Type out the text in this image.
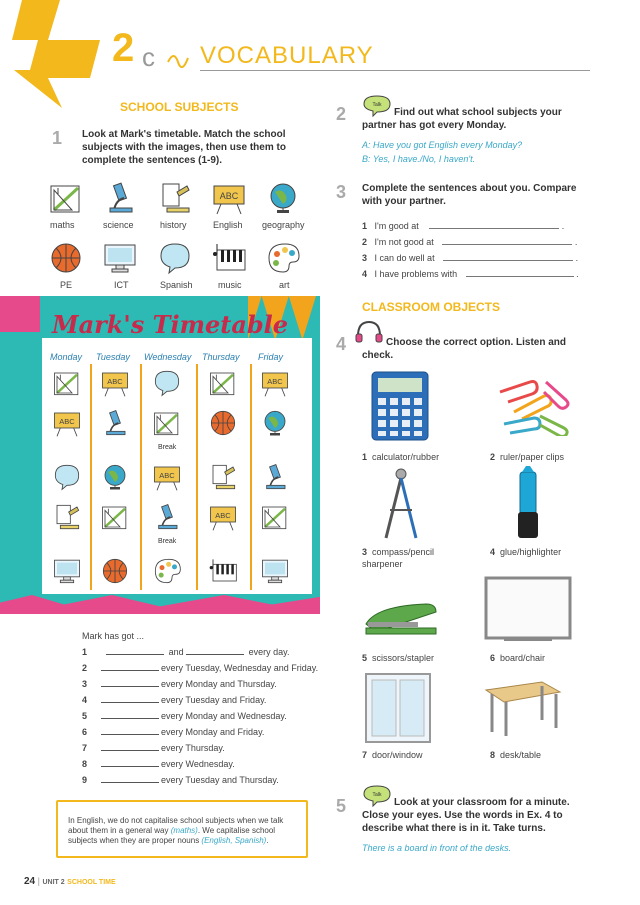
2 c VOCABULARY
SCHOOL SUBJECTS
1 Look at Mark's timetable. Match the school subjects with the images, then use them to complete the sentences (1-9).
maths	science	history	English geography
PE	ICT	Spanish	music	art
Mark's Timetable
Monday Tuesday Wednesday Thursday Friday
Break
Break
Mark has got ...
1	and	every day.
2	every Tuesday, Wednesday and Friday.
3	every Monday and Thursday.
4	every Tuesday and Friday.
5	every Monday and Wednesday.
6	every Monday and Friday.
7	every Thursday.
8	every Wednesday.
9	every Tuesday and Thursday.
In English, we do not capitalise school subjects when we talk about them in a general way (maths). We capitalise school subjects when they are proper nouns (English, Spanish).
24 | UNIT 2 SCHOOL TIME
2	Find out what school subjects your partner has got every Monday.
A: Have you got English every Monday?
B: Yes, I have./No, I haven't.
3 Complete the sentences about you. Compare with your partner.
1 I'm good at	.
2 I'm not good at	.
3 I can do well at	.
4 I have problems with	.
CLASSROOM OBJECTS
4	Choose the correct option. Listen and check.
1 calculator/rubber	2 ruler/paper clips
3 compass/pencil sharpener
4 glue/highlighter
5 scissors/stapler	6 board/chair
7 door/window	8 desk/table
5	Look at your classroom for a minute. Close your eyes. Use the words in Ex. 4 to describe what there is in it. Take turns.
There is a board in front of the desks.
